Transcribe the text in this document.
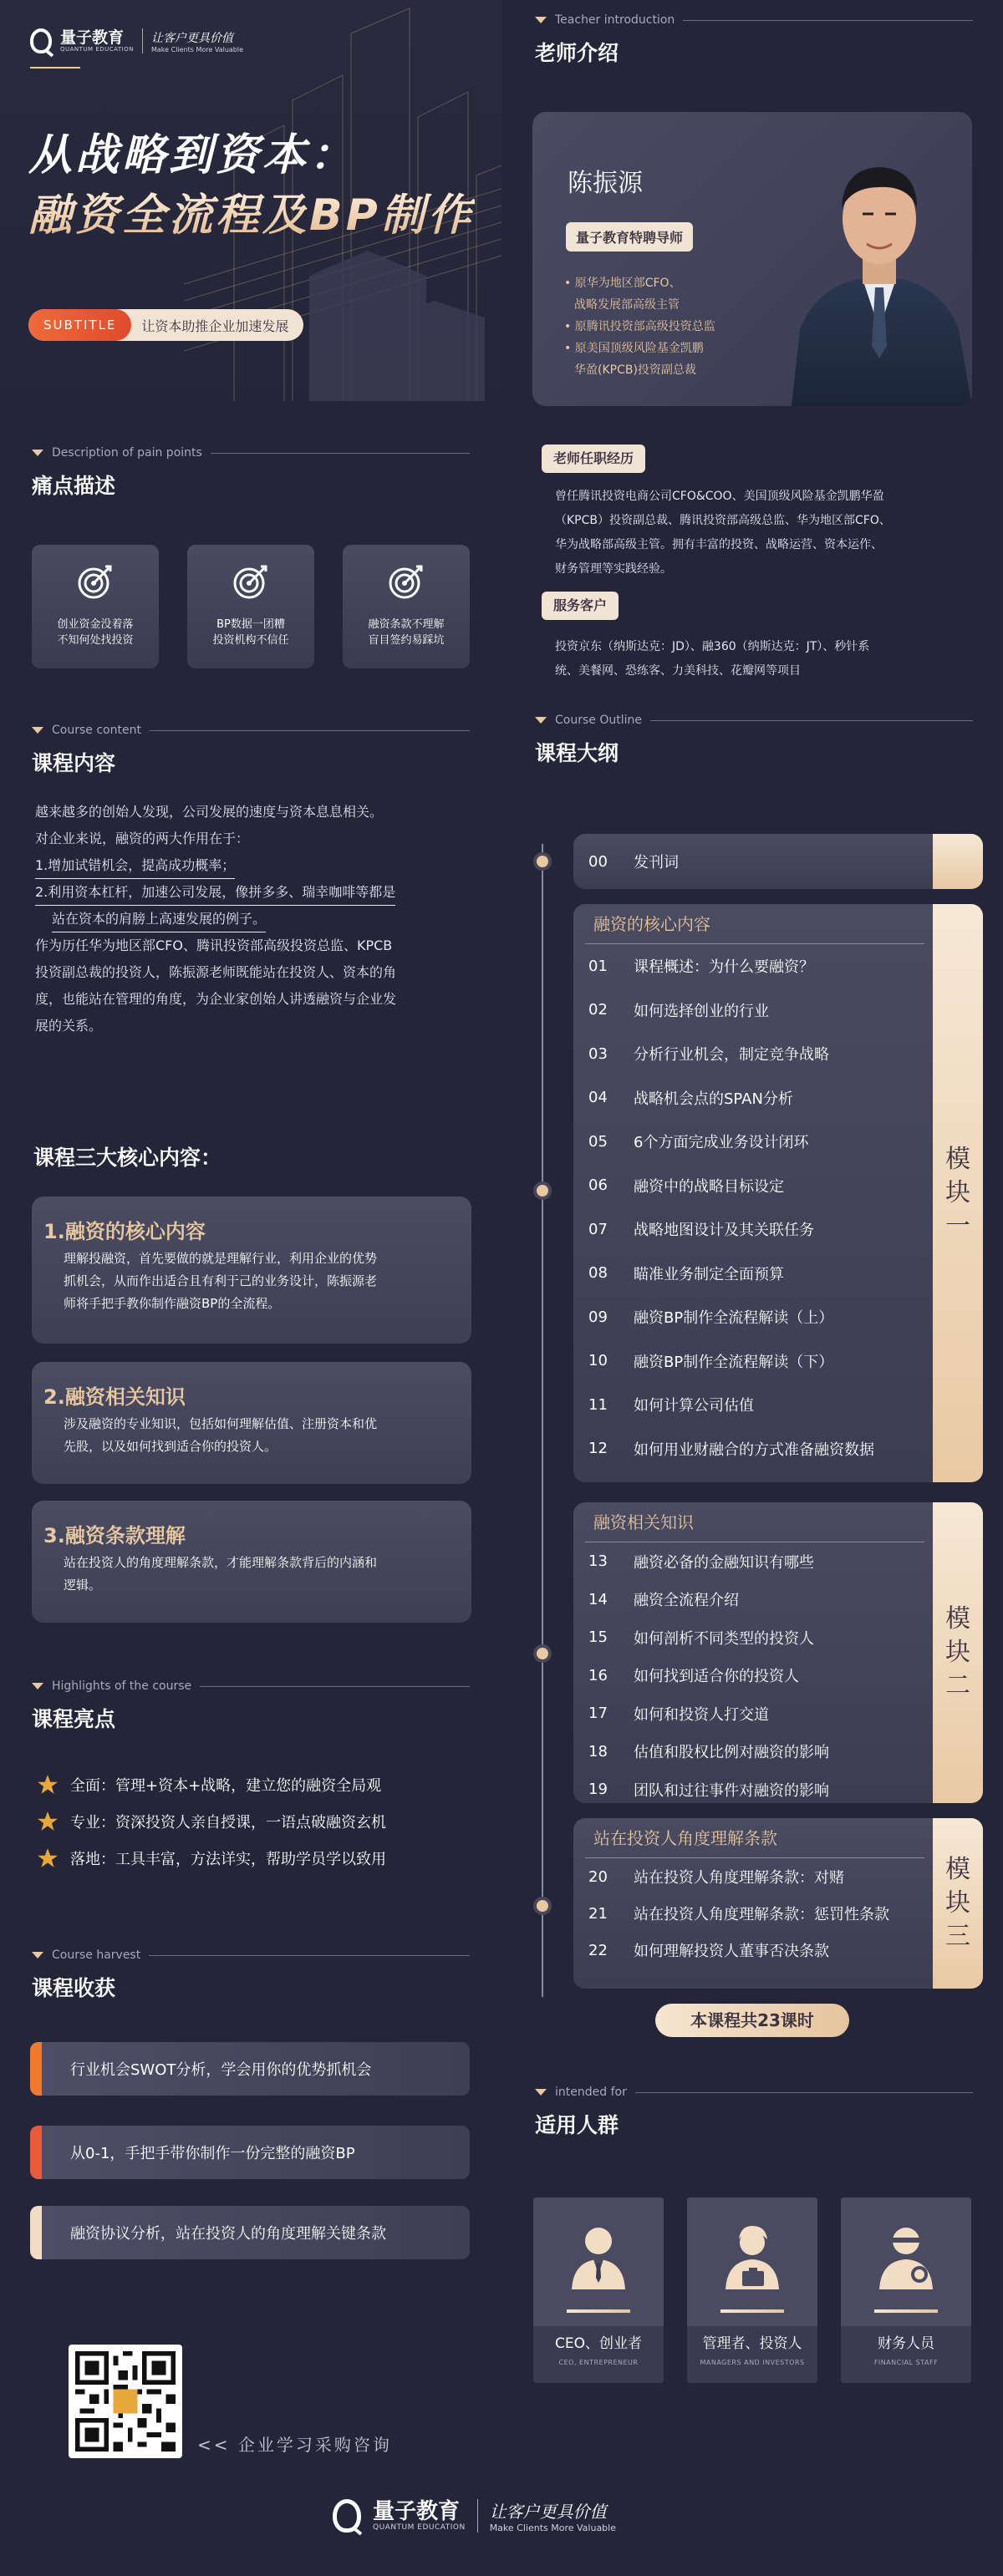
量子教育
QUANTUM EDUCATION
让客户更具价值
Make Clients More Valuable
从战略到资本：
融资全流程及BP制作
SUBTITLE	让资本助推企业加速发展
Description of pain points
痛点描述
创业资金没着落
不知何处找投资
BP数据一团糟
投资机构不信任
融资条款不理解
盲目签约易踩坑
Course content
课程内容
越来越多的创始人发现，公司发展的速度与资本息息相关。
对企业来说，融资的两大作用在于：
1.增加试错机会，提高成功概率；
2.利用资本杠杆，加速公司发展，像拼多多、瑞幸咖啡等都是
站在资本的肩膀上高速发展的例子。
作为历任华为地区部CFO、腾讯投资部高级投资总监、KPCB
投资副总裁的投资人，陈振源老师既能站在投资人、资本的角
度，也能站在管理的角度，为企业家创始人讲透融资与企业发
展的关系。
课程三大核心内容：
1.融资的核心内容
理解投融资，首先要做的就是理解行业，利用企业的优势
抓机会，从而作出适合且有利于己的业务设计，陈振源老
师将手把手教你制作融资BP的全流程。
2.融资相关知识
涉及融资的专业知识，包括如何理解估值、注册资本和优
先股，以及如何找到适合你的投资人。
3.融资条款理解
站在投资人的角度理解条款，才能理解条款背后的内涵和
逻辑。
Highlights of the course
课程亮点
全面：管理+资本+战略，建立您的融资全局观
专业：资深投资人亲自授课，一语点破融资玄机
落地：工具丰富，方法详实，帮助学员学以致用
Course harvest
课程收获
行业机会SWOT分析，学会用你的优势抓机会
从0-1，手把手带你制作一份完整的融资BP
融资协议分析，站在投资人的角度理解关键条款
<< 企业学习采购咨询
量子教育
QUANTUM EDUCATION
让客户更具价值
Make Clients More Valuable
Teacher introduction
老师介绍
陈振源
量子教育特聘导师
• 原华为地区部CFO、
战略发展部高级主管
• 原腾讯投资部高级投资总监
• 原美国顶级风险基金凯鹏
华盈(KPCB)投资副总裁
老师任职经历
曾任腾讯投资电商公司CFO&COO、美国顶级风险基金凯鹏华盈
（KPCB）投资副总裁、腾讯投资部高级总监、华为地区部CFO、
华为战略部高级主管。拥有丰富的投资、战略运营、资本运作、
财务管理等实践经验。
服务客户
投资京东（纳斯达克：JD）、融360（纳斯达克：JT）、秒针系
统、美餐网、恐练客、力美科技、花瓣网等项目
Course Outline
课程大纲
00	发刊词
模
块
一
融资的核心内容
01	课程概述：为什么要融资？
02	如何选择创业的行业
03	分析行业机会，制定竞争战略
04	战略机会点的SPAN分析
05	6个方面完成业务设计闭环
06	融资中的战略目标设定
07	战略地图设计及其关联任务
08	瞄准业务制定全面预算
09	融资BP制作全流程解读（上）
10	融资BP制作全流程解读（下）
11	如何计算公司估值
12	如何用业财融合的方式准备融资数据
模
块
二
融资相关知识
13	融资必备的金融知识有哪些
14	融资全流程介绍
15	如何剖析不同类型的投资人
16	如何找到适合你的投资人
17	如何和投资人打交道
18	估值和股权比例对融资的影响
19	团队和过往事件对融资的影响
模
块
三
站在投资人角度理解条款
20	站在投资人角度理解条款：对赌
21	站在投资人角度理解条款：惩罚性条款
22	如何理解投资人董事否决条款
本课程共23课时
intended for
适用人群
CEO、创业者
CEO, ENTREPRENEUR
管理者、投资人
MANAGERS AND INVESTORS
财务人员
FINANCIAL STAFF
